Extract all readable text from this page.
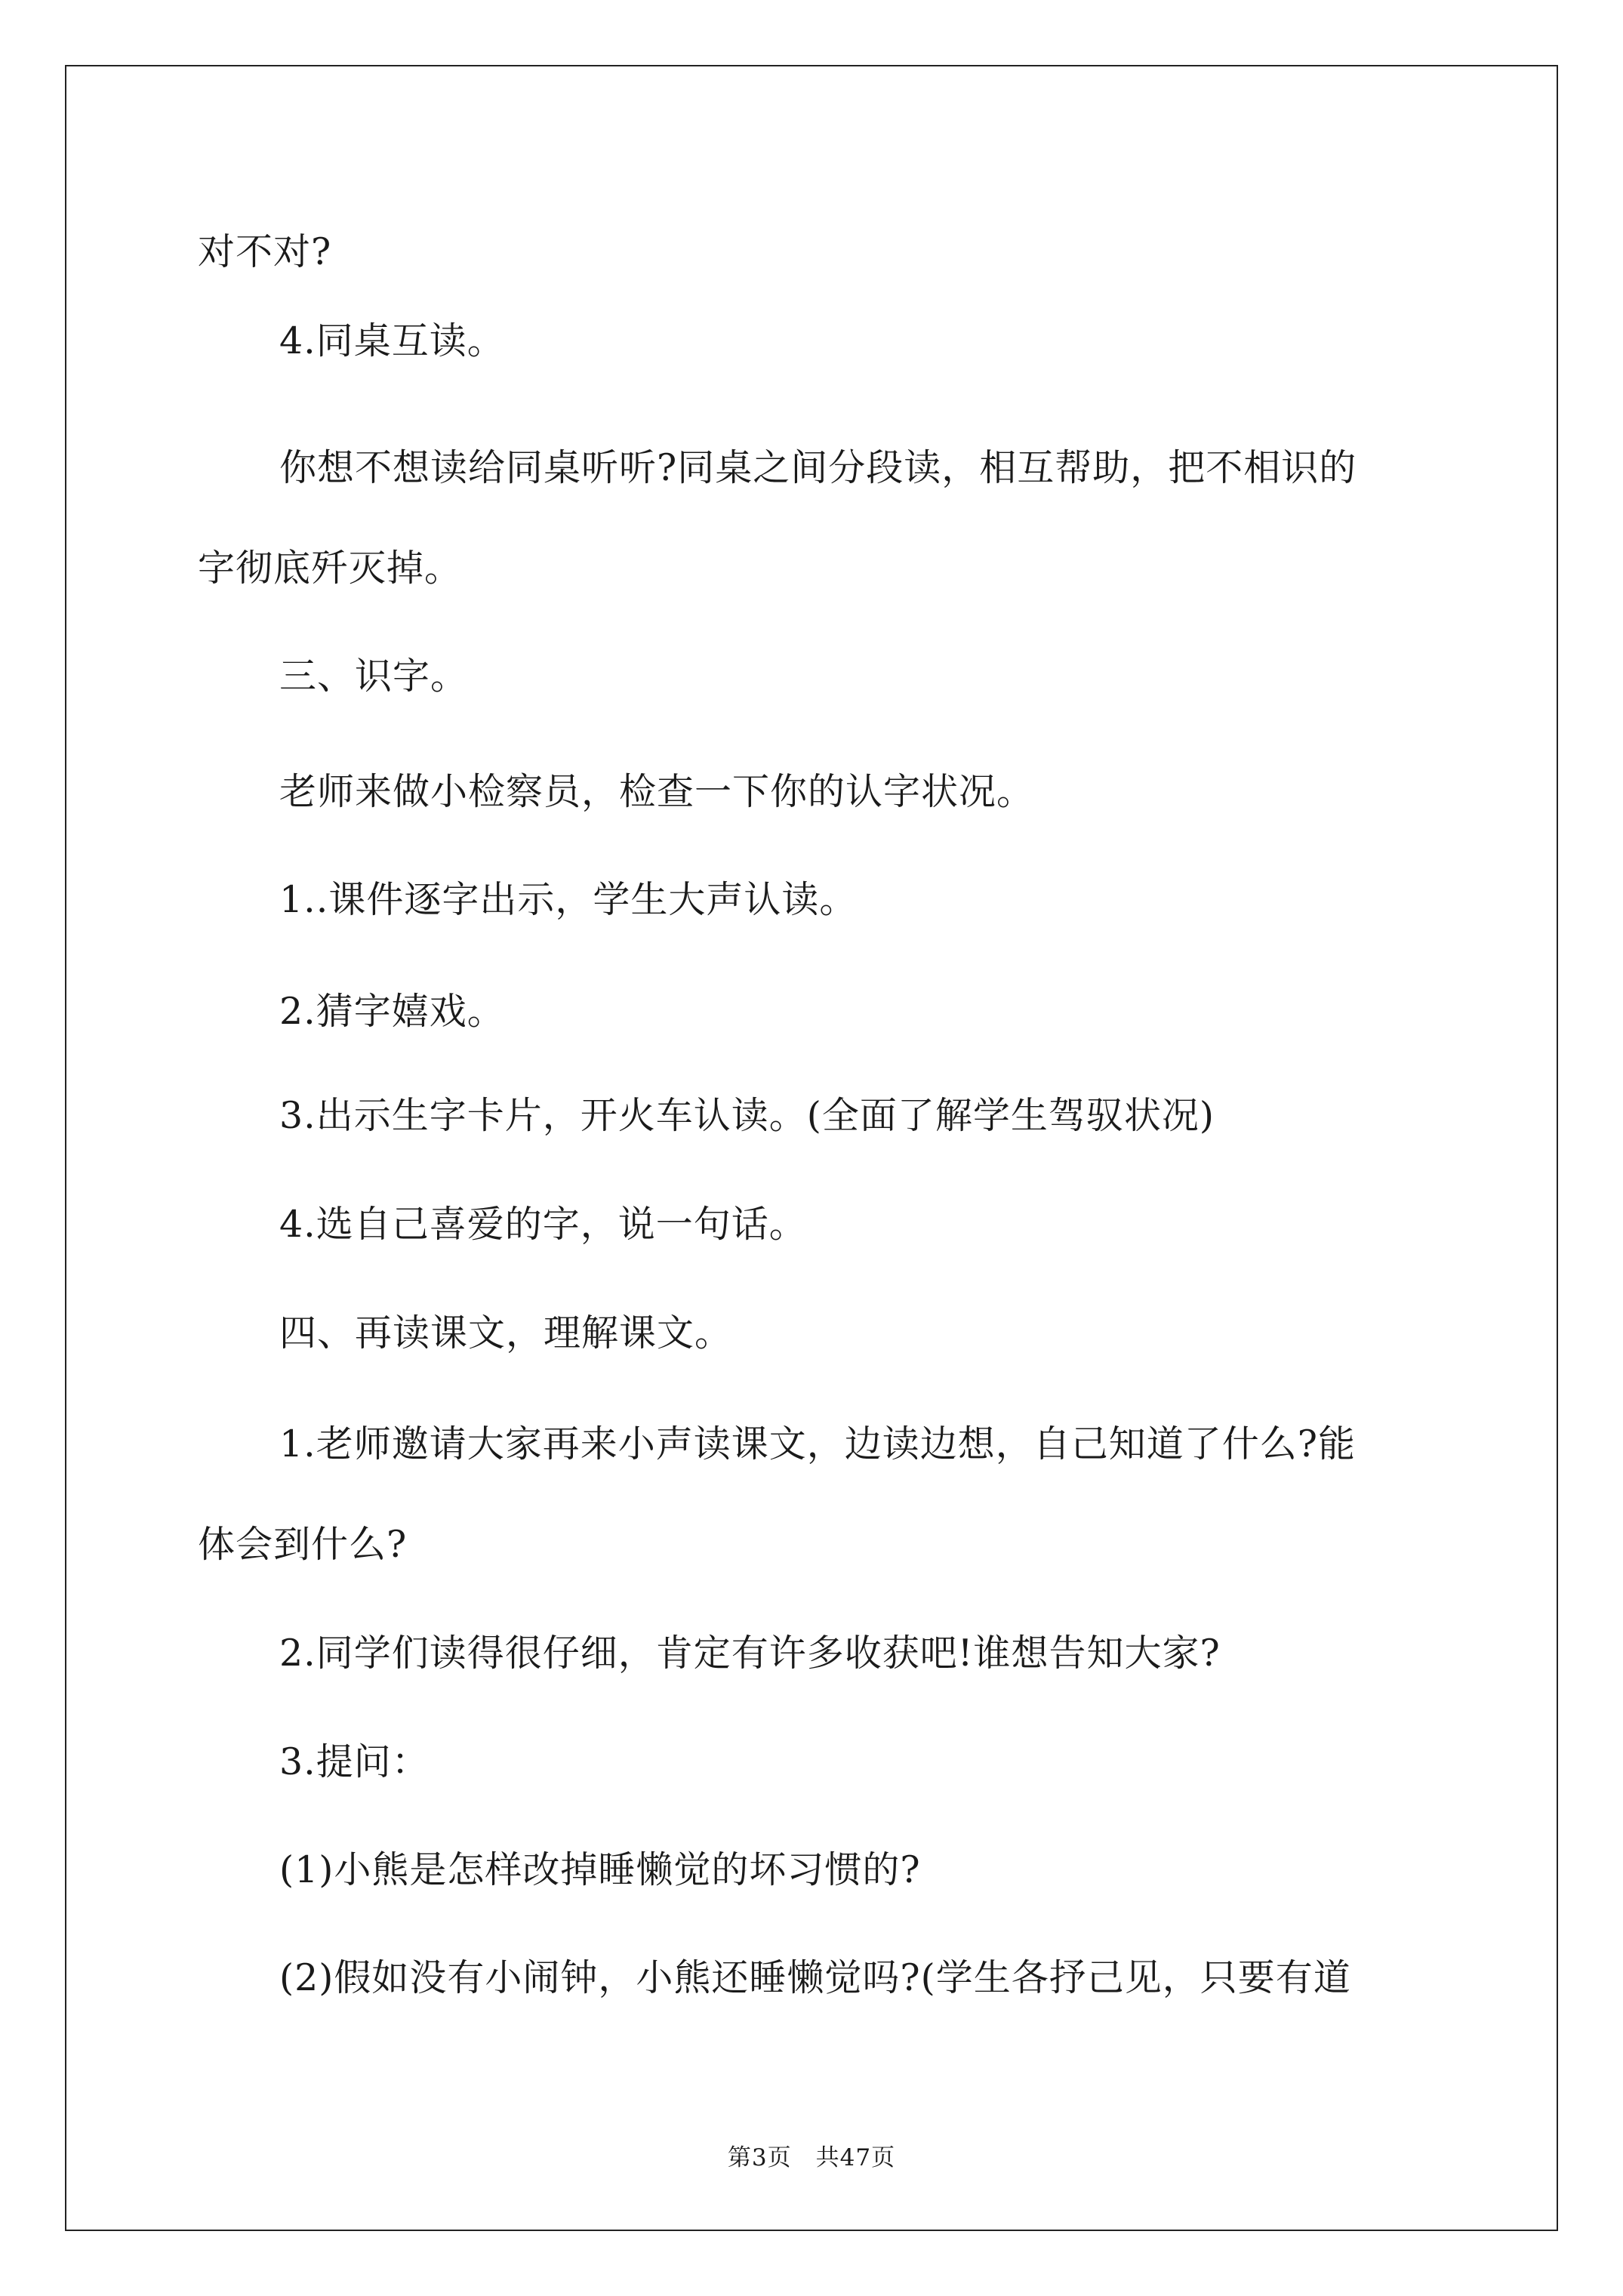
对不对?
4.同桌互读。
你想不想读给同桌听听?同桌之间分段读，相互帮助，把不相识的
字彻底歼灭掉。
三、识字。
老师来做小检察员，检查一下你的认字状况。
1..课件逐字出示，学生大声认读。
2.猜字嬉戏。
3.出示生字卡片，开火车认读。(全面了解学生驾驭状况)
4.选自己喜爱的字，说一句话。
四、再读课文，理解课文。
1.老师邀请大家再来小声读课文，边读边想，自己知道了什么?能
体会到什么?
2.同学们读得很仔细，肯定有许多收获吧!谁想告知大家?
3.提问：
(1)小熊是怎样改掉睡懒觉的坏习惯的?
(2)假如没有小闹钟，小熊还睡懒觉吗?(学生各抒己见，只要有道
第3页　共47页
